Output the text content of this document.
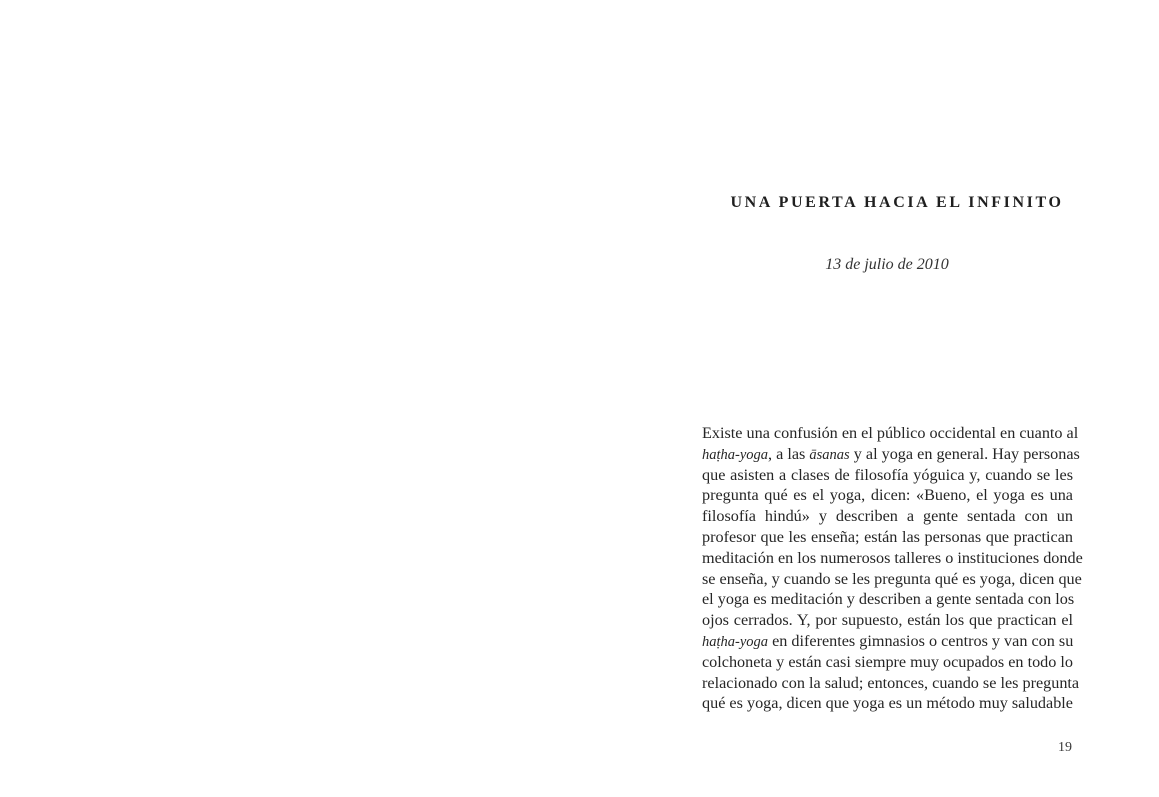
UNA PUERTA HACIA EL INFINITO
13 de julio de 2010
Existe una confusión en el público occidental en cuanto al
haṭha-yoga, a las āsanas y al yoga en general. Hay personas
que asisten a clases de filosofía yóguica y, cuando se les
pregunta qué es el yoga, dicen: «Bueno, el yoga es una
filosofía hindú» y describen a gente sentada con un
profesor que les enseña; están las personas que practican
meditación en los numerosos talleres o instituciones donde
se enseña, y cuando se les pregunta qué es yoga, dicen que
el yoga es meditación y describen a gente sentada con los
ojos cerrados. Y, por supuesto, están los que practican el
haṭha-yoga en diferentes gimnasios o centros y van con su
colchoneta y están casi siempre muy ocupados en todo lo
relacionado con la salud; entonces, cuando se les pregunta
qué es yoga, dicen que yoga es un método muy saludable
19
